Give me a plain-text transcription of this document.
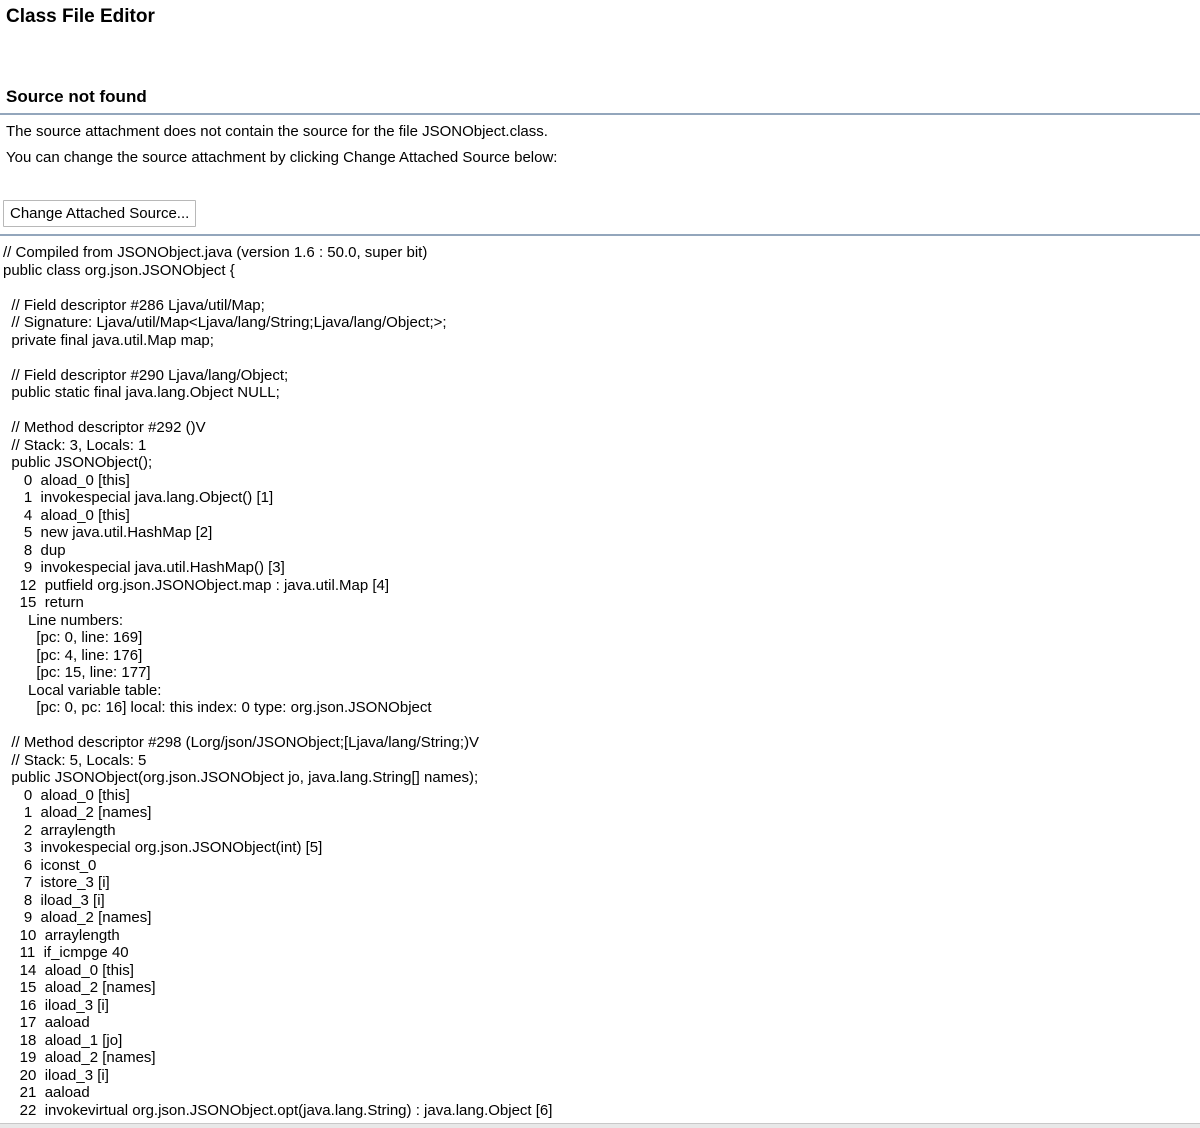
Class File Editor
Source not found
The source attachment does not contain the source for the file JSONObject.class.
You can change the source attachment by clicking Change Attached Source below:
Change Attached Source...
// Compiled from JSONObject.java (version 1.6 : 50.0, super bit)
public class org.json.JSONObject {
// Field descriptor #286 Ljava/util/Map;
// Signature: Ljava/util/Map<Ljava/lang/String;Ljava/lang/Object;>;
private final java.util.Map map;
// Field descriptor #290 Ljava/lang/Object;
public static final java.lang.Object NULL;
// Method descriptor #292 ()V
// Stack: 3, Locals: 1
public JSONObject();
0  aload_0 [this]
1  invokespecial java.lang.Object() [1]
4  aload_0 [this]
5  new java.util.HashMap [2]
8  dup
9  invokespecial java.util.HashMap() [3]
12  putfield org.json.JSONObject.map : java.util.Map [4]
15  return
Line numbers:
[pc: 0, line: 169]
[pc: 4, line: 176]
[pc: 15, line: 177]
Local variable table:
[pc: 0, pc: 16] local: this index: 0 type: org.json.JSONObject
// Method descriptor #298 (Lorg/json/JSONObject;[Ljava/lang/String;)V
// Stack: 5, Locals: 5
public JSONObject(org.json.JSONObject jo, java.lang.String[] names);
0  aload_0 [this]
1  aload_2 [names]
2  arraylength
3  invokespecial org.json.JSONObject(int) [5]
6  iconst_0
7  istore_3 [i]
8  iload_3 [i]
9  aload_2 [names]
10  arraylength
11  if_icmpge 40
14  aload_0 [this]
15  aload_2 [names]
16  iload_3 [i]
17  aaload
18  aload_1 [jo]
19  aload_2 [names]
20  iload_3 [i]
21  aaload
22  invokevirtual org.json.JSONObject.opt(java.lang.String) : java.lang.Object [6]
